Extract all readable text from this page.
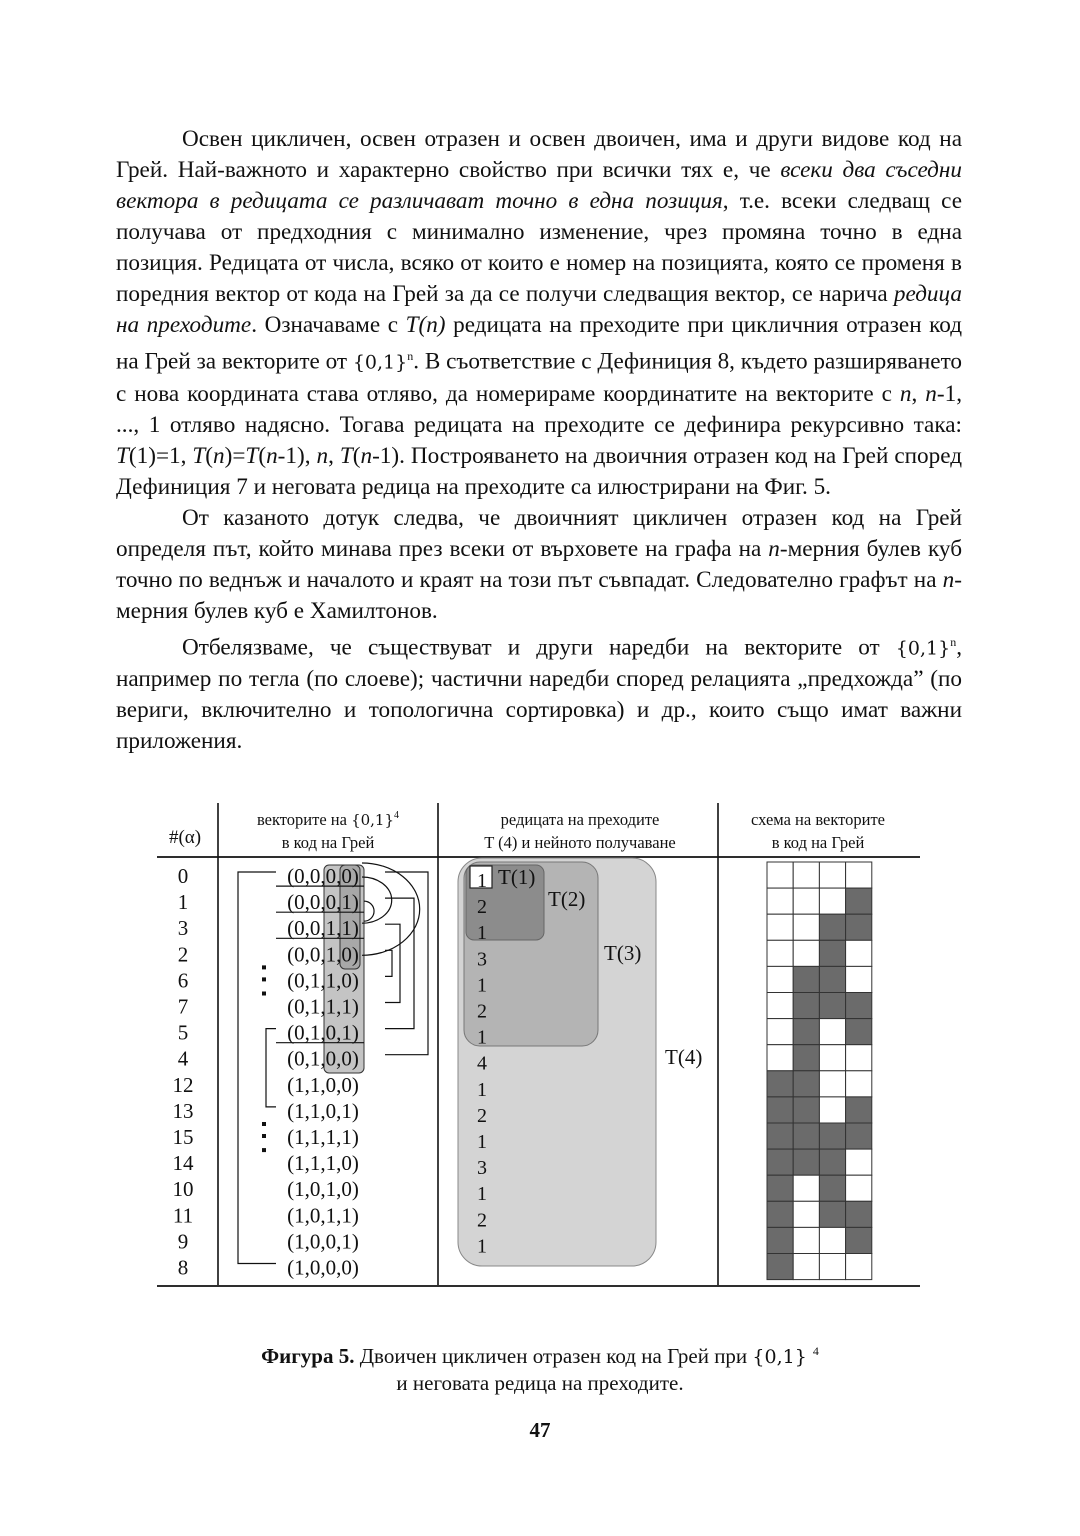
Освен цикличен, освен отразен и освен двоичен, има и други видове код на Грей. Най-важното и характерно свойство при всички тях е, че всеки два съседни вектора в редицата се различават точно в една позиция, т.е. всеки следващ се получава от предходния с минимално изменение, чрез промяна точно в една позиция. Редицата от числа, всяко от които е номер на позицията, която се променя в поредния вектор от кода на Грей за да се получи следващия вектор, се нарича редица на преходите. Означаваме с T(n) редицата на преходите при цикличния отразен код на Грей за векторите от $\{0,1\}^n$. В съответствие с Дефиниция 8, където разширяването с нова координата става отляво, да номерираме координатите на векторите с n, n-1, ..., 1 отляво надясно. Тогава редицата на преходите се дефинира рекурсивно така: T(1)=1, T(n)=T(n-1), n, T(n-1). Построяването на двоичния отразен код на Грей според Дефиниция 7 и неговата редица на преходите са илюстрирани на Фиг. 5.

От казаното дотук следва, че двоичният цикличен отразен код на Грей определя път, който минава през всеки от върховете на графа на n-мерния булев куб точно по веднъж и началото и краят на този път съвпадат. Следователно графът на n-мерния булев куб е Хамилтонов.

Отбелязваме, че съществуват и други наредби на векторите от $\{0,1\}^n$, например по тегла (по слоеве); частични наредби според релацията „предхожда” (по вериги, включително и топологична сортировка) и др., които също имат важни приложения.

#(α)
векторите на $\{0,1\}^4$
в код на Грей
редицата на преходите
T (4) и нейното получаване
схема на векторите
в код на Грей
T(1)
T(2)
T(3)
T(4)
0
1
3
2
6
7
5
4
12
13
15
14
10
11
9
8
(0,0,0,0)
(0,0,0,1)
(0,0,1,1)
(0,0,1,0)
(0,1,1,0)
(0,1,1,1)
(0,1,0,1)
(0,1,0,0)
(1,1,0,0)
(1,1,0,1)
(1,1,1,1)
(1,1,1,0)
(1,0,1,0)
(1,0,1,1)
(1,0,0,1)
(1,0,0,0)
1
2
1
3
1
2
1
4
1
2
1
3
1
2
1
Фигура 5. Двоичен цикличен отразен код на Грей при {0,1} $^4$
и неговата редица на преходите.
47
